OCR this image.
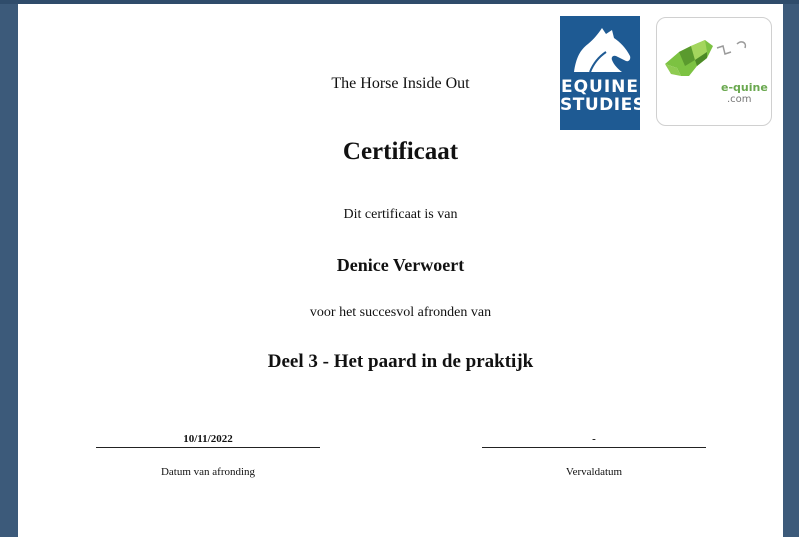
EQUINE
STUDIES
e-quine
.com
The Horse Inside Out
Certificaat
Dit certificaat is van
Denice Verwoert
voor het succesvol afronden van
Deel 3 - Het paard in de praktijk
10/11/2022
Datum van afronding
-
Vervaldatum
